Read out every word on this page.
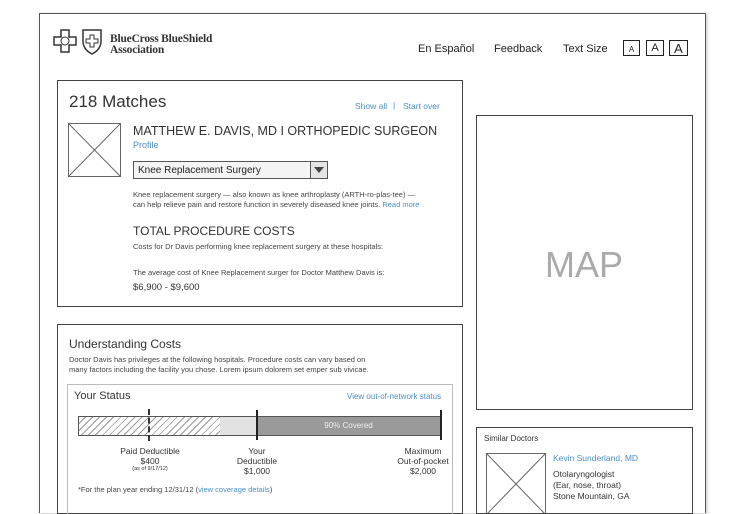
BlueCross BlueShield
Association	En Español Feedback Text Size	A	A	A
218 Matches	Show all | Start over
MATTHEW E. DAVIS, MD I ORTHOPEDIC SURGEON
Profile
Knee Replacement Surgery
Knee replacement surgery — also known as knee arthroplasty (ARTH-ro-plas-tee) —
can help relieve pain and restore function in severely diseased knee joints. Read more
TOTAL PROCEDURE COSTS
Costs for Dr Davis performing knee replacement surgery at these hospitals:
The average cost of Knee Replacement surger for Doctor Matthew Davis is:
$6,900 - $9,600
MAP
Understanding Costs
Doctor Davis has privileges at the following hospitals. Procedure costs can vary based on
many factors including the facility you chose. Lorem ipsum dolorem set emper sub vivicae.
Your Status	View out-of-network status
90% Covered
Paid Deductible
$400
(as of 9/17/12)
Your
Deductible
$1,000
Maximum
Out-of-pocket
$2,000
*For the plan year ending 12/31/12 (view coverage details)
Similar Doctors
Kevin Sunderland, MD
Otolaryngologist
(Ear, nose, throat)
Stone Mountain, GA
